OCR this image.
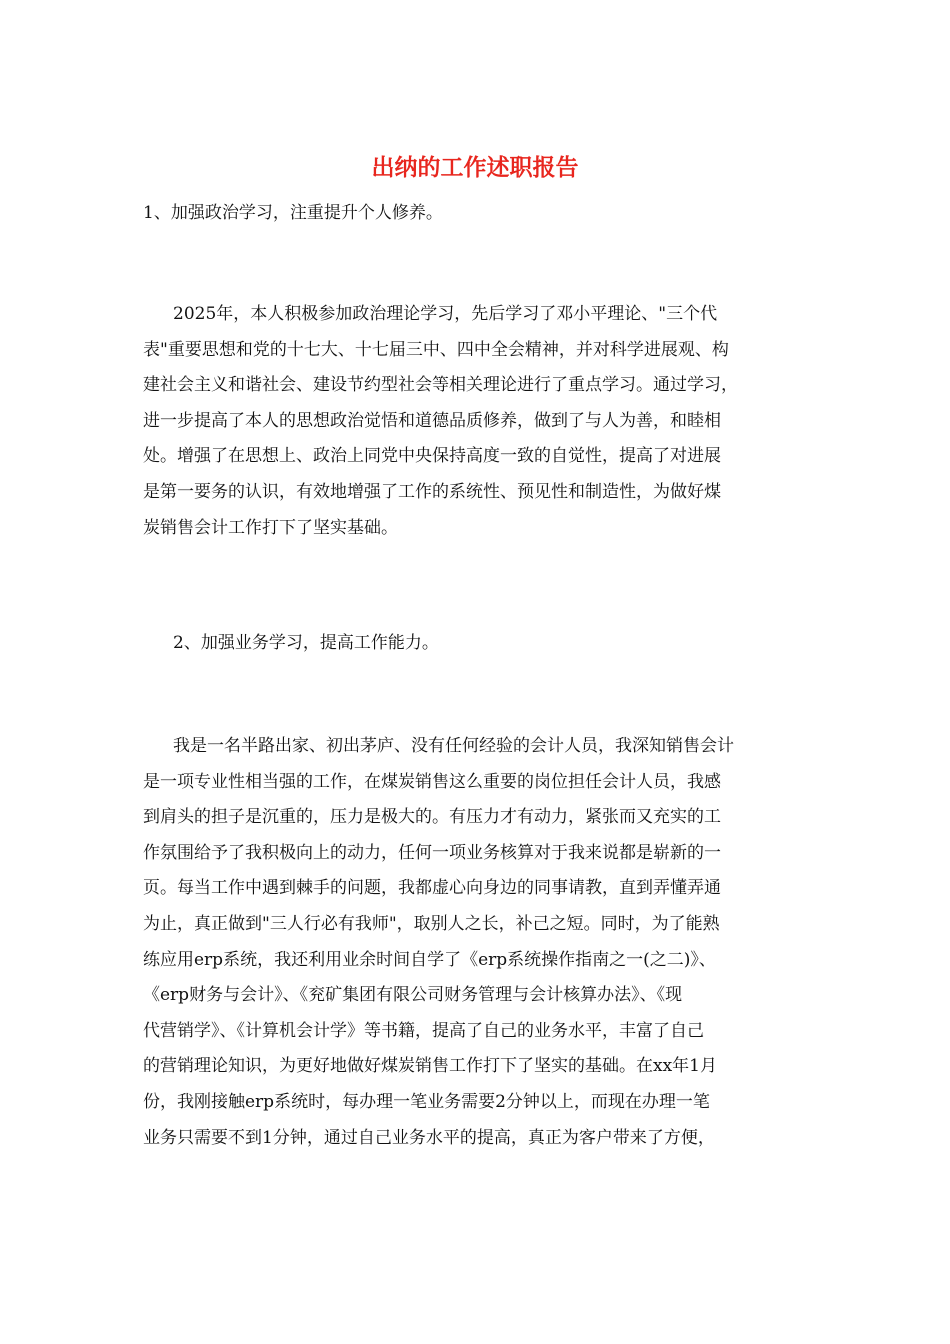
出纳的工作述职报告
1、加强政治学习，注重提升个人修养。
2025年，本人积极参加政治理论学习，先后学习了邓小平理论、"三个代
表"重要思想和党的十七大、十七届三中、四中全会精神，并对科学进展观、构
建社会主义和谐社会、建设节约型社会等相关理论进行了重点学习。通过学习，
进一步提高了本人的思想政治觉悟和道德品质修养，做到了与人为善，和睦相
处。增强了在思想上、政治上同党中央保持高度一致的自觉性，提高了对进展
是第一要务的认识，有效地增强了工作的系统性、预见性和制造性，为做好煤
炭销售会计工作打下了坚实基础。
2、加强业务学习，提高工作能力。
我是一名半路出家、初出茅庐、没有任何经验的会计人员，我深知销售会计
是一项专业性相当强的工作，在煤炭销售这么重要的岗位担任会计人员，我感
到肩头的担子是沉重的，压力是极大的。有压力才有动力，紧张而又充实的工
作氛围给予了我积极向上的动力，任何一项业务核算对于我来说都是崭新的一
页。每当工作中遇到棘手的问题，我都虚心向身边的同事请教，直到弄懂弄通
为止，真正做到"三人行必有我师"，取别人之长，补己之短。同时，为了能熟
练应用erp系统，我还利用业余时间自学了《erp系统操作指南之一(之二)》、
《erp财务与会计》、《兖矿集团有限公司财务管理与会计核算办法》、《现
代营销学》、《计算机会计学》等书籍，提高了自己的业务水平，丰富了自己
的营销理论知识，为更好地做好煤炭销售工作打下了坚实的基础。在xx年1月
份，我刚接触erp系统时，每办理一笔业务需要2分钟以上，而现在办理一笔
业务只需要不到1分钟，通过自己业务水平的提高，真正为客户带来了方便，
